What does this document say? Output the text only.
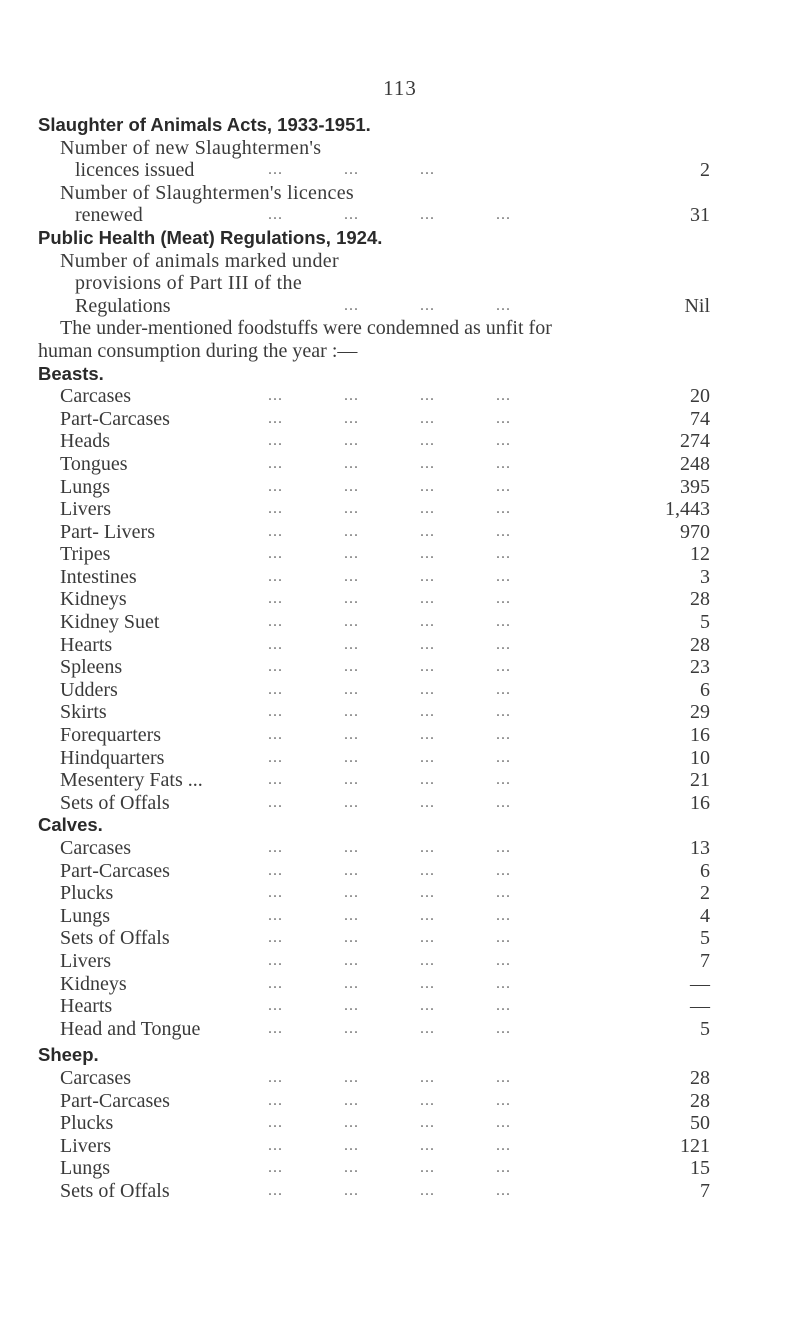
113
Slaughter of Animals Acts, 1933-1951.
Number of new Slaughtermen's
licences issued	...	...	...	2
Number of Slaughtermen's licences
renewed	...	...	...	...	31
Public Health (Meat) Regulations, 1924.
Number of animals marked under
provisions of Part III of the
Regulations	...	...	...	Nil
The under-mentioned foodstuffs were condemned as unfit for
human consumption during the year :—
Beasts.
Carcases	...	...	...	...	20
Part-Carcases	...	...	...	...	74
Heads	...	...	...	...	274
Tongues	...	...	...	...	248
Lungs	...	...	...	...	395
Livers	...	...	...	...	1,443
Part- Livers	...	...	...	...	970
Tripes	...	...	...	...	12
Intestines	...	...	...	...	3
Kidneys	...	...	...	...	28
Kidney Suet	...	...	...	...	5
Hearts	...	...	...	...	28
Spleens	...	...	...	...	23
Udders	...	...	...	...	6
Skirts	...	...	...	...	29
Forequarters	...	...	...	...	16
Hindquarters	...	...	...	...	10
Mesentery Fats ...	...	...	...	...	21
Sets of Offals	...	...	...	...	16
Calves.
Carcases	...	...	...	...	13
Part-Carcases	...	...	...	...	6
Plucks	...	...	...	...	2
Lungs	...	...	...	...	4
Sets of Offals	...	...	...	...	5
Livers	...	...	...	...	7
Kidneys	...	...	...	...	—
Hearts	...	...	...	...	—
Head and Tongue	...	...	...	...	5
Sheep.
Carcases	...	...	...	...	28
Part-Carcases	...	...	...	...	28
Plucks	...	...	...	...	50
Livers	...	...	...	...	121
Lungs	...	...	...	...	15
Sets of Offals	...	...	...	...	7
